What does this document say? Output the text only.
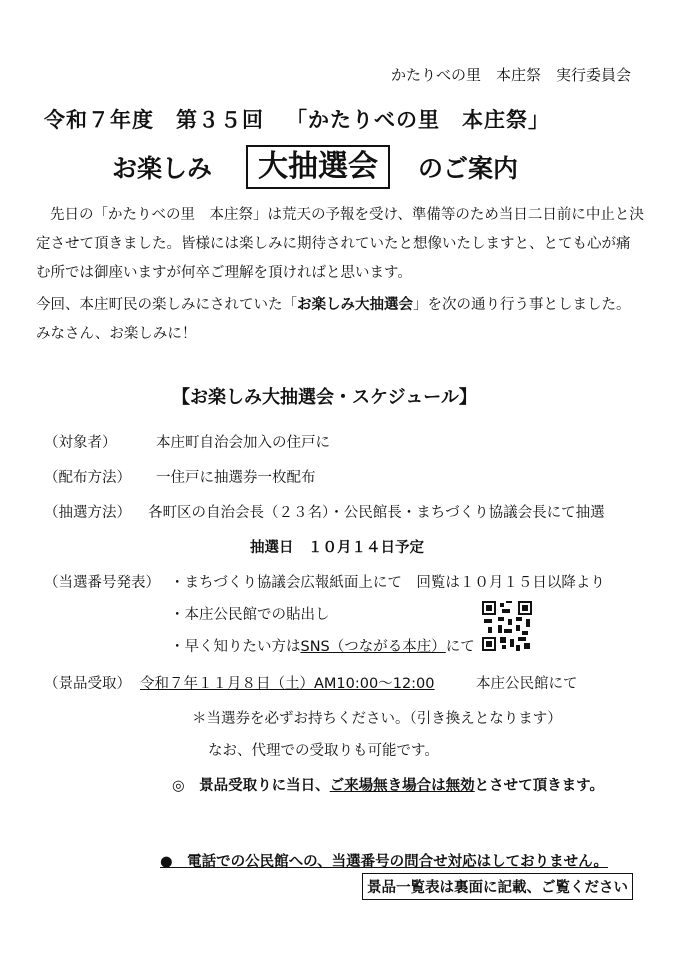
かたりべの里　本庄祭　実行委員会
令和７年度 第３５回 「かたりべの里　本庄祭」
お楽しみ	大抽選会	のご案内
先日の「かたりべの里　本庄祭」は荒天の予報を受け、準備等のため当日二日前に中止と決定させて頂きました。皆様には楽しみに期待されていたと想像いたしますと、とても心が痛む所では御座いますが何卒ご理解を頂ければと思います。
今回、本庄町民の楽しみにされていた「お楽しみ大抽選会」を次の通り行う事としました。　みなさん、お楽しみに！
【お楽しみ大抽選会・スケジュール】
（対象者）	本庄町自治会加入の住戸に
（配布方法） 一住戸に抽選券一枚配布
（抽選方法） 各町区の自治会長（２３名）・公民館長・まちづくり協議会長にて抽選
抽選日　１０月１４日予定
（当選番号発表） ・まちづくり協議会広報紙面上にて　回覧は１０月１５日以降より
・本庄公民館での貼出し
・早く知りたい方はSNS（つながる本庄）にて
（景品受取） 令和７年１１月８日（土）AM10:00～12:00	本庄公民館にて
＊当選券を必ずお持ちください。（引き換えとなります）
なお、代理での受取りも可能です。
◎　 景品受取りに当日、ご来場無き場合は無効とさせて頂きます。
●　電話での公民館への、当選番号の問合せ対応はしておりません。
景品一覧表は裏面に記載、ご覧ください
